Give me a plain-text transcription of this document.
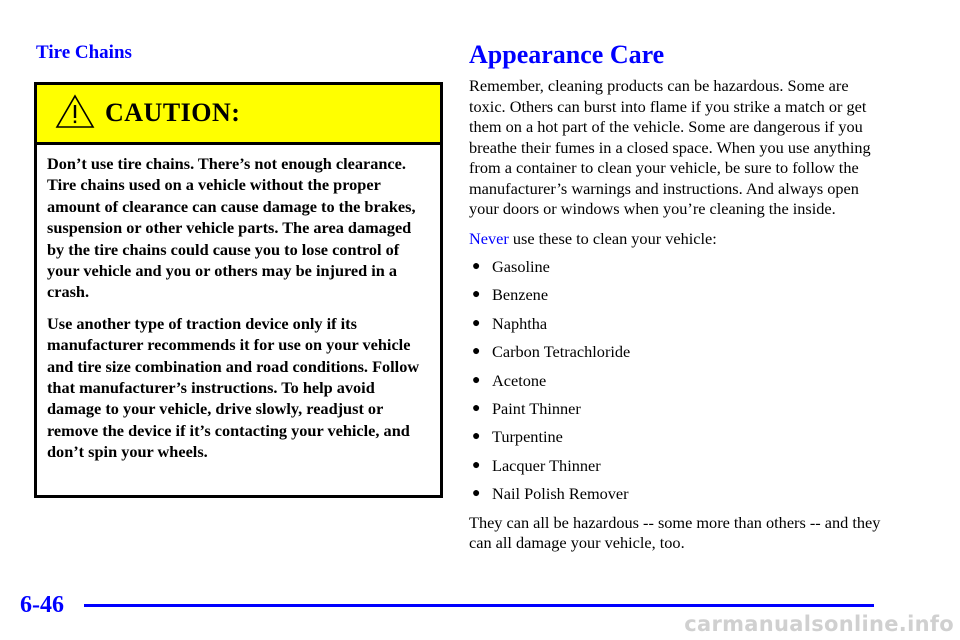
Tire Chains
CAUTION:

Don’t use tire chains. There’s not enough clearance. Tire chains used on a vehicle without the proper amount of clearance can cause damage to the brakes, suspension or other vehicle parts. The area damaged by the tire chains could cause you to lose control of your vehicle and you or others may be injured in a crash.

Use another type of traction device only if its manufacturer recommends it for use on your vehicle and tire size combination and road conditions. Follow that manufacturer’s instructions. To help avoid damage to your vehicle, drive slowly, readjust or remove the device if it’s contacting your vehicle, and don’t spin your wheels.

Appearance Care

Remember, cleaning products can be hazardous. Some are toxic. Others can burst into flame if you strike a match or get them on a hot part of the vehicle. Some are dangerous if you breathe their fumes in a closed space. When you use anything from a container to clean your vehicle, be sure to follow the manufacturer’s warnings and instructions. And always open your doors or windows when you’re cleaning the inside.

Never use these to clean your vehicle:

● Gasoline
● Benzene
● Naphtha
● Carbon Tetrachloride
● Acetone
● Paint Thinner
● Turpentine
● Lacquer Thinner
● Nail Polish Remover

They can all be hazardous -- some more than others -- and they can all damage your vehicle, too.

6-46
carmanualsonline.info
